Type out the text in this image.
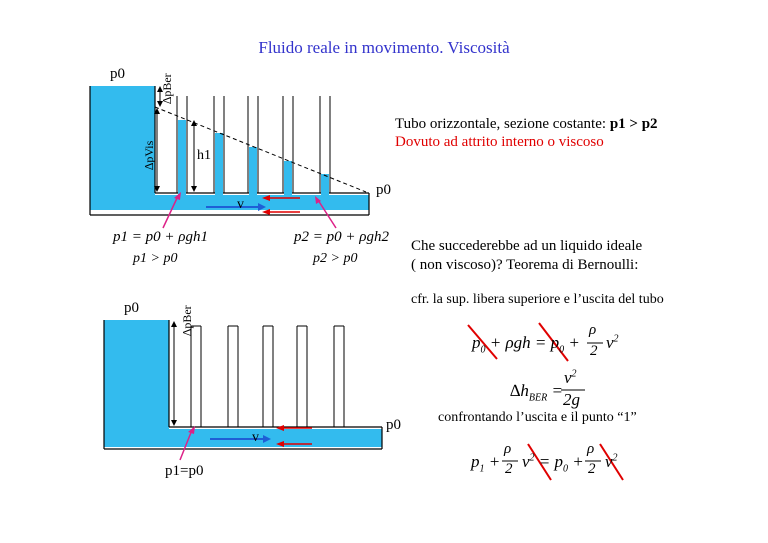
Fluido reale in movimento. Viscosità
p0	∆pBer
∆pVis	h1
p0
v
p1 = p0 + ρgh1	p2 = p0 + ρgh2
p1 > p0	p2 > p0
p0	∆pBer
p0
v
p1=p0
Tubo orizzontale, sezione costante: p1 > p2
Dovuto ad attrito interno o viscoso
Che succederebbe ad un liquido ideale
( non viscoso)? Teorema di Bernoulli:
cfr. la sup. libera superiore e l’uscita del tubo
confrontando l’uscita e il punto “1”
$p_0 + \rho gh = p_0$ +
ρ
2 $v^2$
$\Delta h_{BER}$ =
$v^2$
2g
$p_1$ +
ρ
2 $v^2 = p_0$ +
ρ
2 $v^2$
